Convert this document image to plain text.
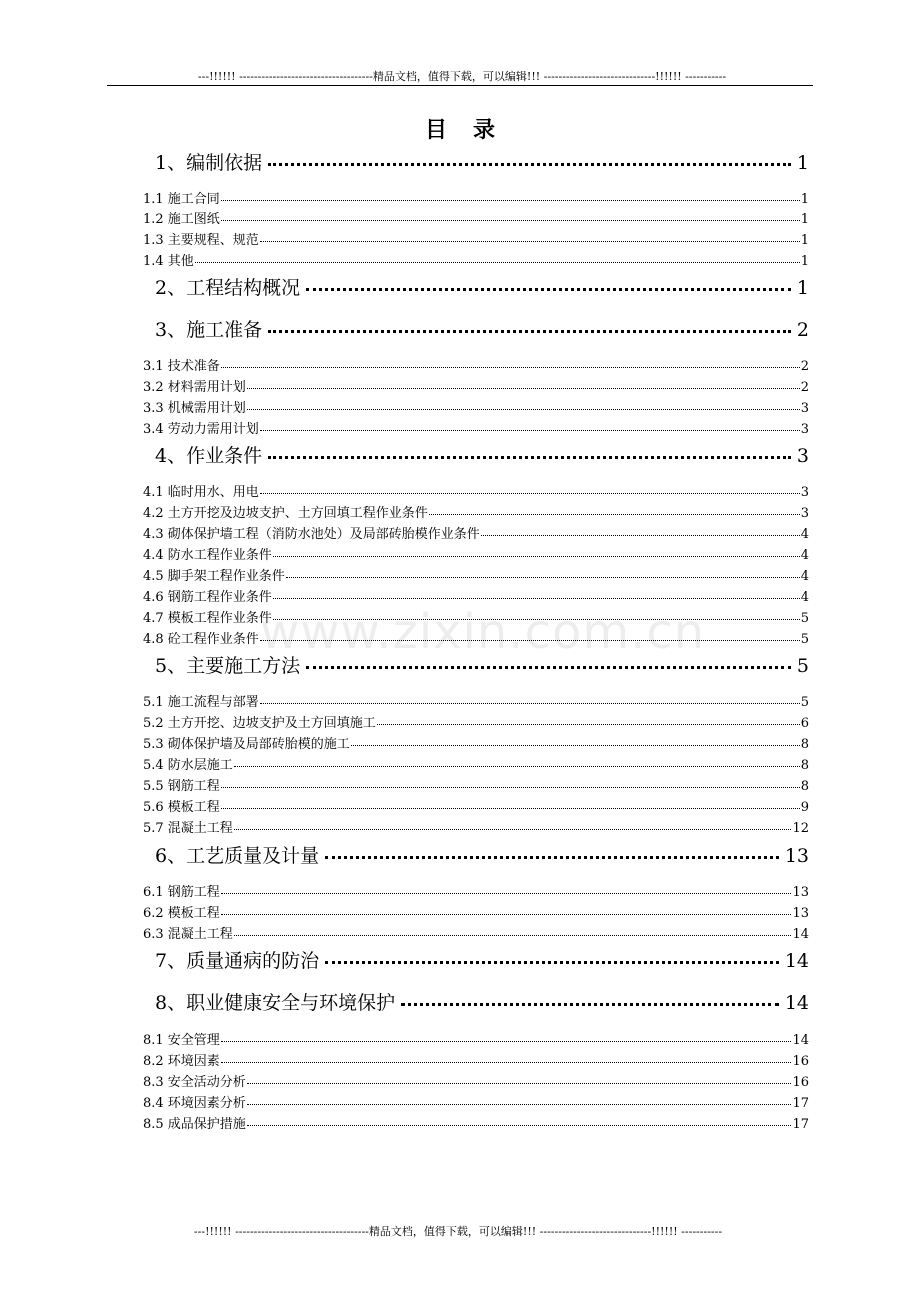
---!!!!!! ------------------------------------精品文档，值得下载，可以编辑!!! ------------------------------!!!!!! -----------
www.zixin.com.cn
目录
1、编制依据	1
1.1 施工合同	1
1.2 施工图纸	1
1.3 主要规程、规范	1
1.4 其他	1
2、工程结构概况	1
3、施工准备	2
3.1 技术准备	2
3.2 材料需用计划	2
3.3 机械需用计划	3
3.4 劳动力需用计划	3
4、作业条件	3
4.1 临时用水、用电	3
4.2 土方开挖及边坡支护、土方回填工程作业条件	3
4.3 砌体保护墙工程（消防水池处）及局部砖胎模作业条件	4
4.4 防水工程作业条件	4
4.5 脚手架工程作业条件	4
4.6 钢筋工程作业条件	4
4.7 模板工程作业条件	5
4.8 砼工程作业条件	5
5、主要施工方法	5
5.1 施工流程与部署	5
5.2 土方开挖、边坡支护及土方回填施工	6
5.3 砌体保护墙及局部砖胎模的施工	8
5.4 防水层施工	8
5.5 钢筋工程	8
5.6 模板工程	9
5.7 混凝土工程	12
6、工艺质量及计量	13
6.1 钢筋工程	13
6.2 模板工程	13
6.3 混凝土工程	14
7、质量通病的防治	14
8、职业健康安全与环境保护	14
8.1 安全管理	14
8.2 环境因素	16
8.3 安全活动分析	16
8.4 环境因素分析	17
8.5 成品保护措施	17
---!!!!!! ------------------------------------精品文档，值得下载，可以编辑!!! ------------------------------!!!!!! -----------
